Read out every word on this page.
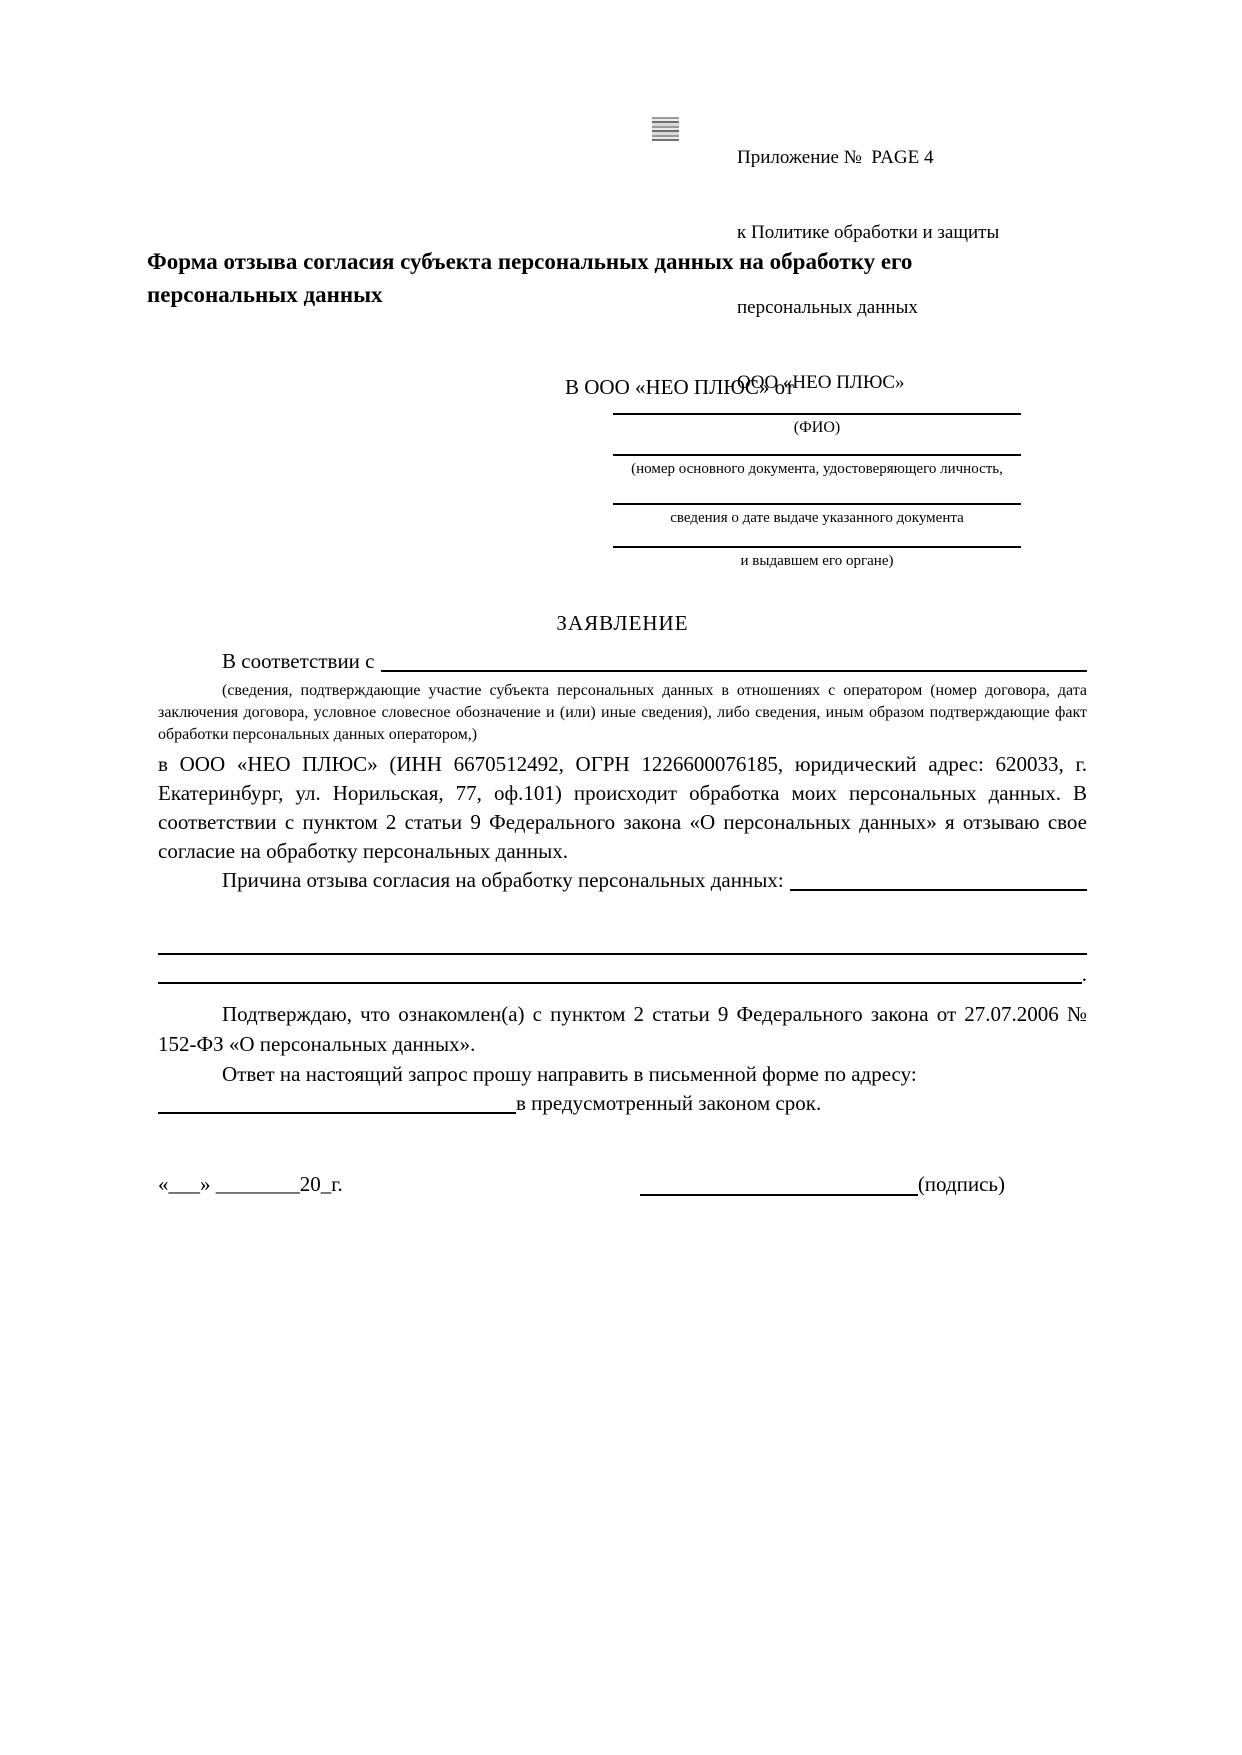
Приложение №  PAGE 4

к Политике обработки и защиты

персональных данных

ООО «НЕО ПЛЮС»

Форма отзыва согласия субъекта персональных данных на обработку его персональных данных
В ООО «НЕО ПЛЮС» от
(ФИО)
(номер основного документа, удостоверяющего личность,
сведения о дате выдаче указанного документа
и выдавшем его органе)
ЗАЯВЛЕНИЕ

В соответствии с

(сведения, подтверждающие участие субъекта персональных данных в отношениях с оператором (номер договора, дата заключения договора, условное словесное обозначение и (или) иные сведения), либо сведения, иным образом подтверждающие факт обработки персональных данных оператором,)

в ООО «НЕО ПЛЮС» (ИНН 6670512492, ОГРН 1226600076185, юридический адрес: 620033, г. Екатеринбург, ул. Норильская, 77, оф.101) происходит обработка моих персональных данных. В соответствии с пунктом 2 статьи 9 Федерального закона «О персональных данных» я отзываю свое согласие на обработку персональных данных.

Причина отзыва согласия на обработку персональных данных:

.

Подтверждаю, что ознакомлен(а) с пунктом 2 статьи 9 Федерального закона от 27.07.2006 № 152-ФЗ «О персональных данных».

Ответ на настоящий запрос прошу направить в письменной форме по адресу:

в предусмотренный законом срок.

«___» ________20_г.	(подпись)
